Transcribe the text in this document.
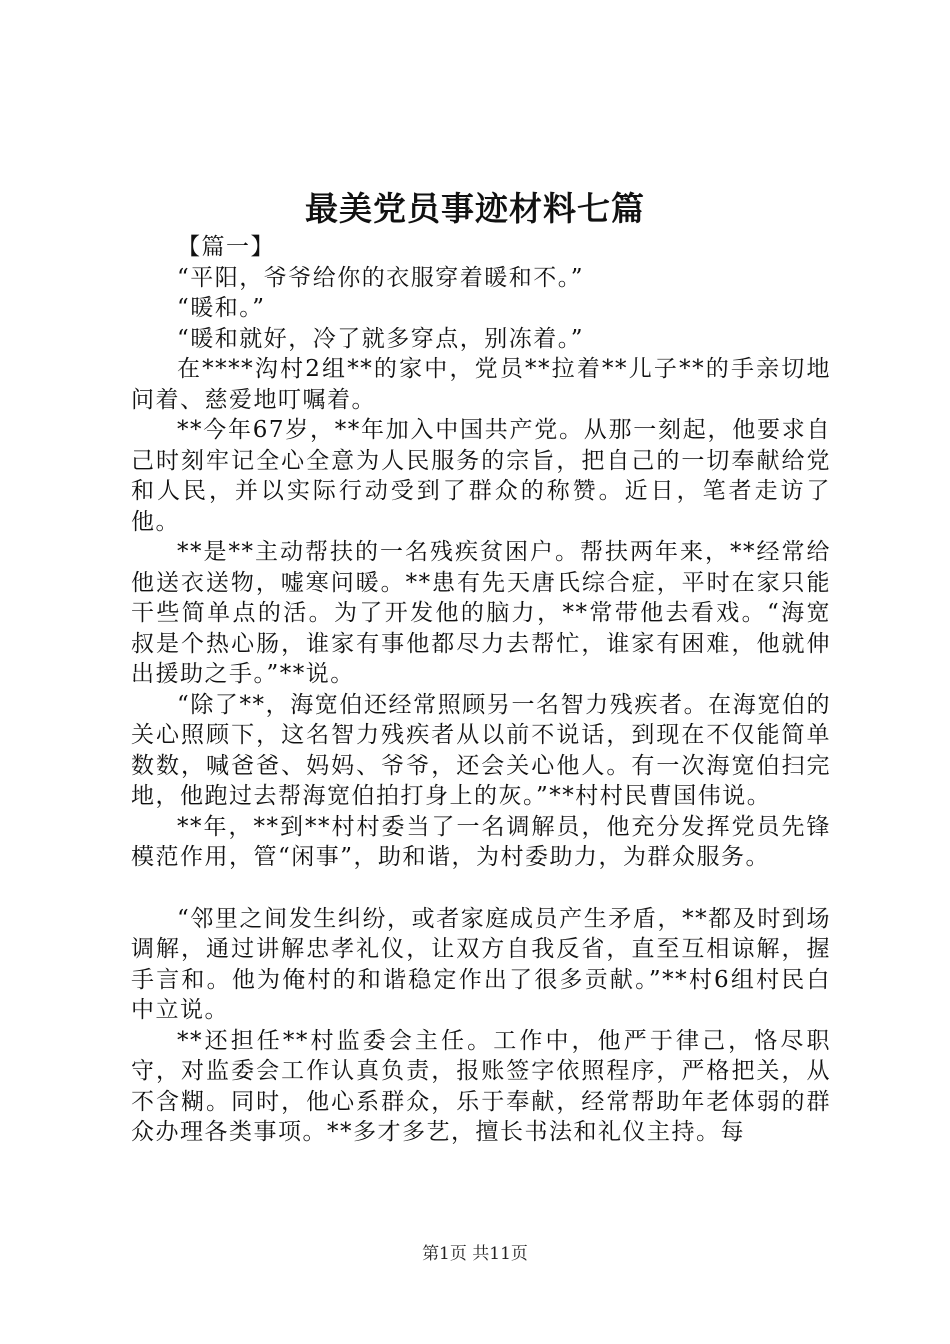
最美党员事迹材料七篇

【篇一】

“平阳，爷爷给你的衣服穿着暖和不。”

“暖和。”

“暖和就好，冷了就多穿点，别冻着。”

在****沟村2组**的家中，党员**拉着**儿子**的手亲切地问着、慈爱地叮嘱着。

**今年67岁，**年加入中国共产党。从那一刻起，他要求自己时刻牢记全心全意为人民服务的宗旨，把自己的一切奉献给党和人民，并以实际行动受到了群众的称赞。近日，笔者走访了他。

**是**主动帮扶的一名残疾贫困户。帮扶两年来，**经常给他送衣送物，嘘寒问暖。**患有先天唐氏综合症，平时在家只能干些简单点的活。为了开发他的脑力，**常带他去看戏。“海宽叔是个热心肠，谁家有事他都尽力去帮忙，谁家有困难，他就伸出援助之手。”**说。

“除了**，海宽伯还经常照顾另一名智力残疾者。在海宽伯的关心照顾下，这名智力残疾者从以前不说话，到现在不仅能简单数数，喊爸爸、妈妈、爷爷，还会关心他人。有一次海宽伯扫完地，他跑过去帮海宽伯拍打身上的灰。”**村村民曹国伟说。

**年，**到**村村委当了一名调解员，他充分发挥党员先锋模范作用，管“闲事”，助和谐，为村委助力，为群众服务。

“邻里之间发生纠纷，或者家庭成员产生矛盾，**都及时到场调解，通过讲解忠孝礼仪，让双方自我反省，直至互相谅解，握手言和。他为俺村的和谐稳定作出了很多贡献。”**村6组村民白中立说。

**还担任**村监委会主任。工作中，他严于律己，恪尽职守，对监委会工作认真负责，报账签字依照程序，严格把关，从不含糊。同时，他心系群众，乐于奉献，经常帮助年老体弱的群众办理各类事项。**多才多艺，擅长书法和礼仪主持。每

第1页 共11页
